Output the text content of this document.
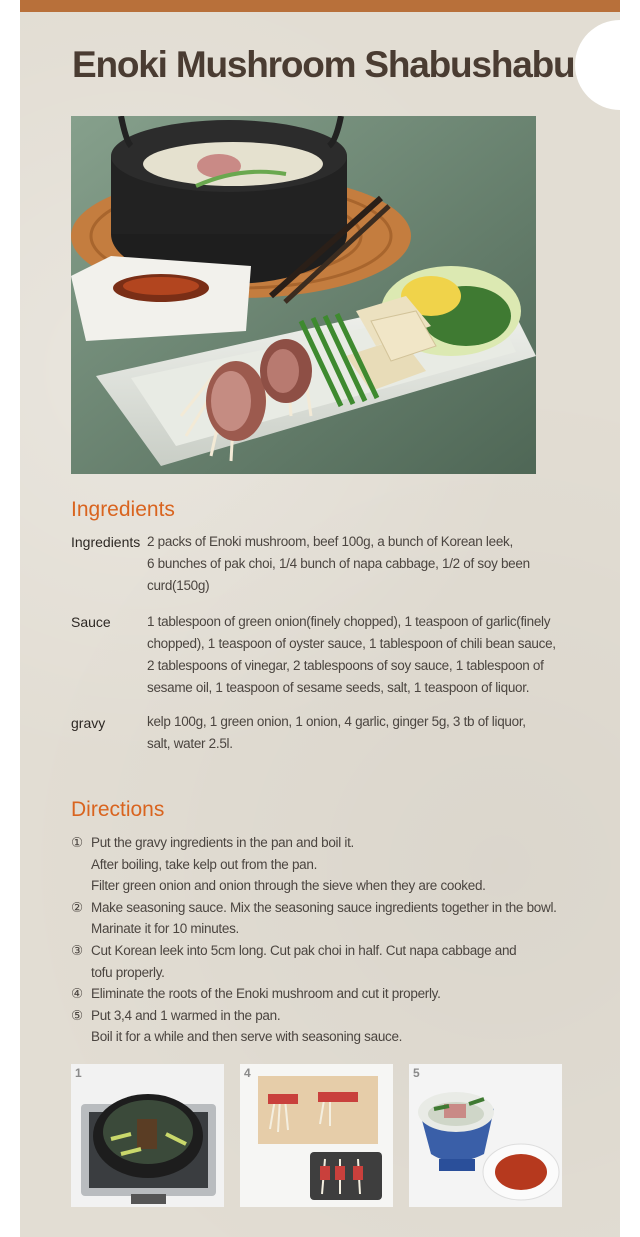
Enoki Mushroom Shabushabu
Ingredients
Ingredients 2 packs of Enoki mushroom, beef 100g, a bunch of Korean leek,
6 bunches of pak choi, 1/4 bunch of napa cabbage, 1/2 of soy been
curd(150g)
Sauce	1 tablespoon of green onion(finely chopped), 1 teaspoon of garlic(finely
chopped), 1 teaspoon of oyster sauce, 1 tablespoon of chili bean sauce,
2 tablespoons of vinegar, 2 tablespoons of soy sauce, 1 tablespoon of
sesame oil, 1 teaspoon of sesame seeds, salt, 1 teaspoon of liquor.
gravy	kelp 100g, 1 green onion, 1 onion, 4 garlic, ginger 5g, 3 tb of liquor,
salt, water 2.5l.
Directions
① Put the gravy ingredients in the pan and boil it.
After boiling, take kelp out from the pan.
Filter green onion and onion through the sieve when they are cooked.
② Make seasoning sauce. Mix the seasoning sauce ingredients together in the bowl.
Marinate it for 10 minutes.
③ Cut Korean leek into 5cm long. Cut pak choi in half. Cut napa cabbage and
tofu properly.
④ Eliminate the roots of the Enoki mushroom and cut it properly.
⑤ Put 3,4 and 1 warmed in the pan.
Boil it for a while and then serve with seasoning sauce.
1	4	5
